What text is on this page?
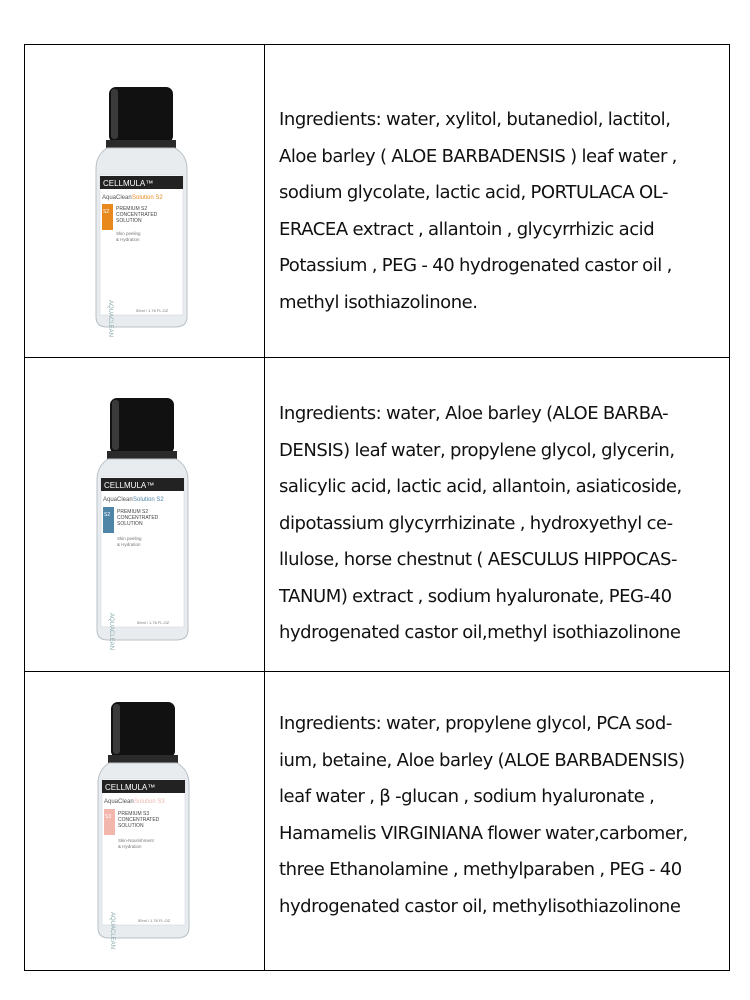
CELLMULA™
AquaClean Solution S2
S2 PREMIUM S2
CONCENTRATED
SOLUTION
Skin peeling
& Hydration
AQUACLEAN	50ml / 1.76 FL.OZ
Ingredients: water, xylitol, butanediol, lactitol,
Aloe barley ( ALOE BARBADENSIS ) leaf water ,
sodium glycolate, lactic acid, PORTULACA OL-
ERACEA extract , allantoin , glycyrrhizic acid
Potassium , PEG - 40 hydrogenated castor oil ,
methyl isothiazolinone.
CELLMULA™
AquaClean Solution S2
S2 PREMIUM S2
CONCENTRATED
SOLUTION
Skin peeling
& Hydration
AQUACLEAN	50ml / 1.76 FL.OZ
Ingredients: water, Aloe barley (ALOE BARBA-
DENSIS) leaf water, propylene glycol, glycerin,
salicylic acid, lactic acid, allantoin, asiaticoside,
dipotassium glycyrrhizinate , hydroxyethyl ce-
llulose, horse chestnut ( AESCULUS HIPPOCAS-
TANUM) extract , sodium hyaluronate, PEG-40
hydrogenated castor oil,methyl isothiazolinone
CELLMULA™
AquaClean Solution S3
S3 PREMIUM S3
CONCENTRATED
SOLUTION
Skin-Nourishment
& Hydration
AQUACLEAN	50ml / 1.76 FL.OZ
Ingredients: water, propylene glycol, PCA sod-
ium, betaine, Aloe barley (ALOE BARBADENSIS)
leaf water , β -glucan , sodium hyaluronate ,
Hamamelis VIRGINIANA flower water,carbomer,
three Ethanolamine , methylparaben , PEG - 40
hydrogenated castor oil, methylisothiazolinone
